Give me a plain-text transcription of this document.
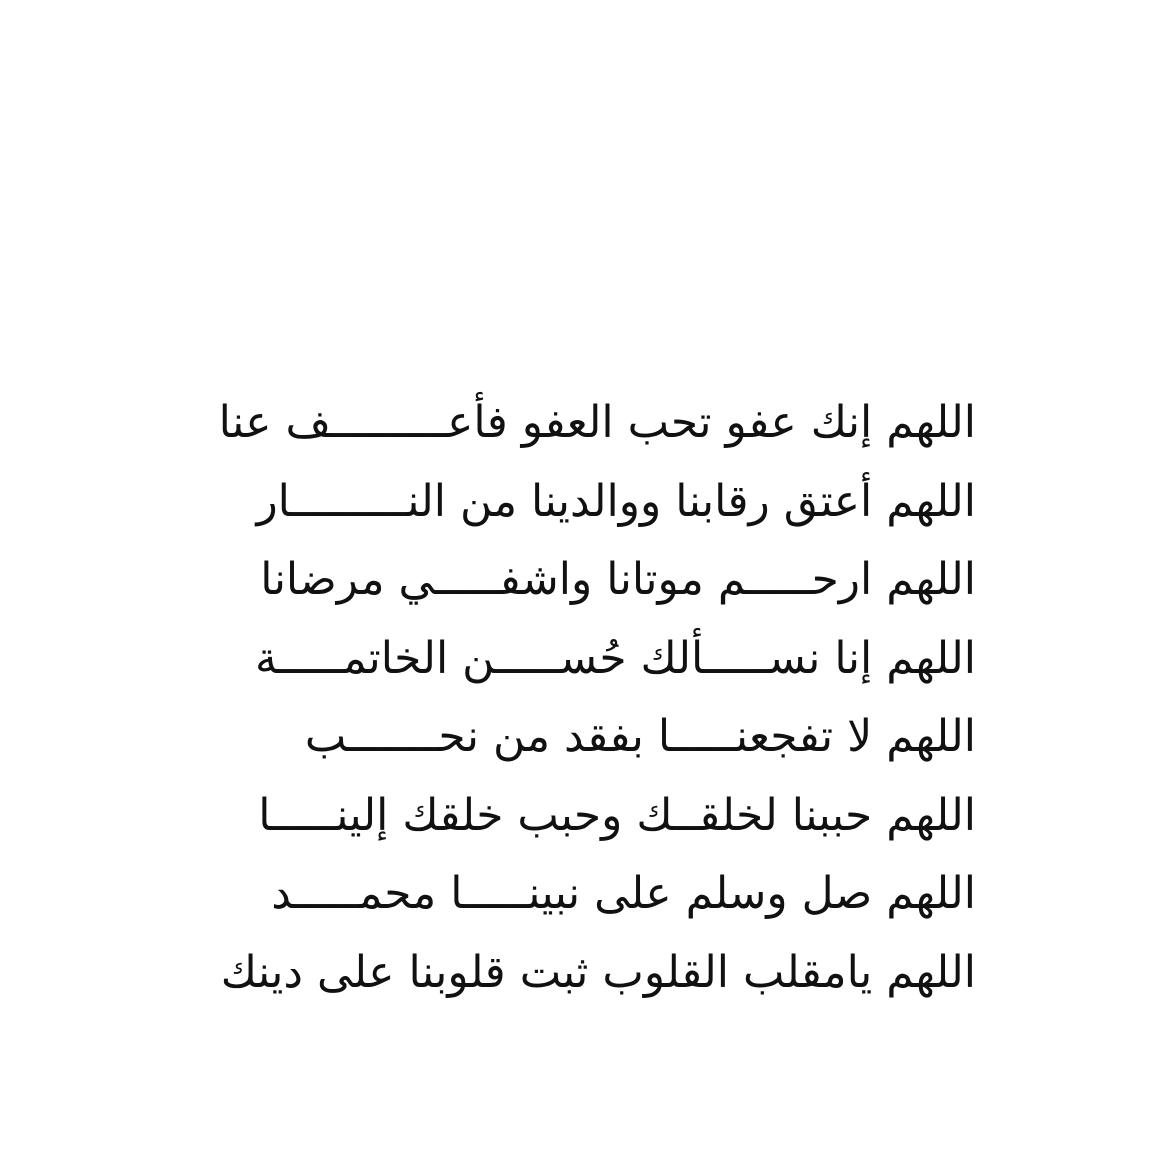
اللهم إنك عفو تحب العفو فأعـــــــــف عنا
اللهم أعتق رقابنا ووالدينا من النـــــــــار
اللهم ارحـــــم موتانا واشفـــــي مرضانا
اللهم إنا نســـــألك حُســـــن الخاتمـــــة
اللهم لا تفجعنـــــا بفقد من نحـــــــب
اللهم حببنا لخلقــك وحبب خلقك إلينـــــا
اللهم صل وسلم على نبينـــــا محمـــــد
اللهم يامقلب القلوب ثبت قلوبنا على دينك
